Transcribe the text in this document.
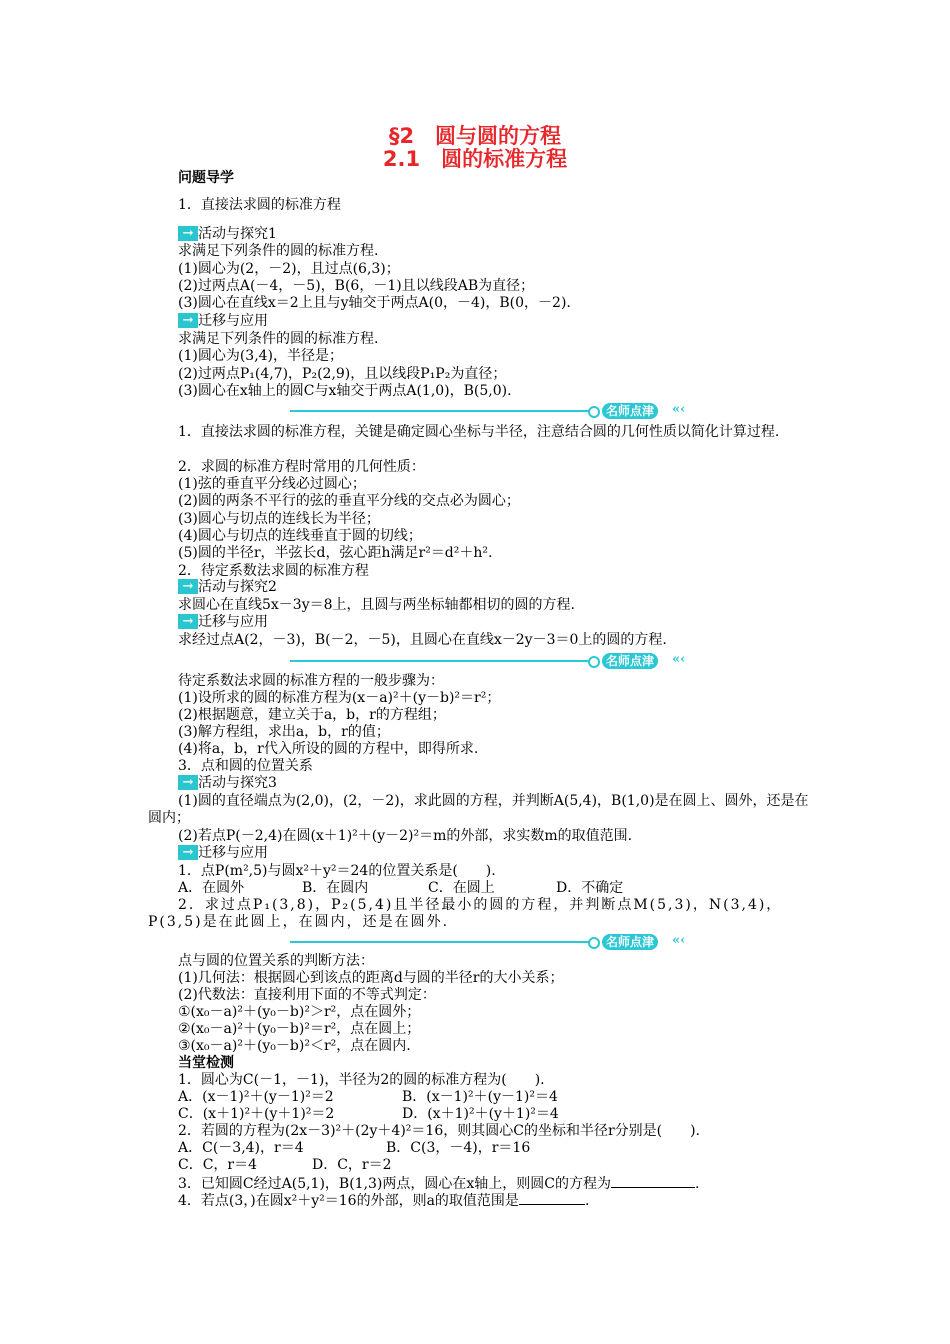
§2　圆与圆的方程
2.1　圆的标准方程
问题导学
1．直接法求圆的标准方程
→ 活动与探究1
求满足下列条件的圆的标准方程.
(1)圆心为(2，－2)，且过点(6,3)；
(2)过两点A(－4，－5)，B(6，－1)且以线段AB为直径；
(3)圆心在直线x＝2上且与y轴交于两点A(0，－4)，B(0，－2).
→ 迁移与应用
求满足下列条件的圆的标准方程.
(1)圆心为(3,4)，半径是；
(2)过两点P₁(4,7)，P₂(2,9)，且以线段P₁P₂为直径；
(3)圆心在x轴上的圆C与x轴交于两点A(1,0)，B(5,0).
名师点津	«‹
1．直接法求圆的标准方程，关键是确定圆心坐标与半径，注意结合圆的几何性质以简化计算过程.
2．求圆的标准方程时常用的几何性质：
(1)弦的垂直平分线必过圆心；
(2)圆的两条不平行的弦的垂直平分线的交点必为圆心；
(3)圆心与切点的连线长为半径；
(4)圆心与切点的连线垂直于圆的切线；
(5)圆的半径r，半弦长d，弦心距h满足r²＝d²＋h².
2．待定系数法求圆的标准方程
→ 活动与探究2
求圆心在直线5x－3y＝8上，且圆与两坐标轴都相切的圆的方程.
→ 迁移与应用
求经过点A(2，－3)，B(－2，－5)，且圆心在直线x－2y－3＝0上的圆的方程.
名师点津	«‹
待定系数法求圆的标准方程的一般步骤为：
(1)设所求的圆的标准方程为(x－a)²＋(y－b)²＝r²；
(2)根据题意，建立关于a，b，r的方程组；
(3)解方程组，求出a，b，r的值；
(4)将a，b，r代入所设的圆的方程中，即得所求.
3．点和圆的位置关系
→ 活动与探究3
(1)圆的直径端点为(2,0)，(2，－2)，求此圆的方程，并判断A(5,4)，B(1,0)是在圆上、圆外，还是在圆内；
(2)若点P(－2,4)在圆(x＋1)²＋(y－2)²＝m的外部，求实数m的取值范围.
→ 迁移与应用
1．点P(m²,5)与圆x²＋y²＝24的位置关系是(　　).
A．在圆外	B．在圆内	C．在圆上	D．不确定
2．求过点P₁(3,8)，P₂(5,4)且半径最小的圆的方程，并判断点M(5,3)，N(3,4)，P(3,5)是在此圆上，在圆内，还是在圆外.
名师点津	«‹
点与圆的位置关系的判断方法：
(1)几何法：根据圆心到该点的距离d与圆的半径r的大小关系；
(2)代数法：直接利用下面的不等式判定：
①(x₀－a)²＋(y₀－b)²＞r²，点在圆外；
②(x₀－a)²＋(y₀－b)²＝r²，点在圆上；
③(x₀－a)²＋(y₀－b)²＜r²，点在圆内.
当堂检测
1．圆心为C(－1，－1)，半径为2的圆的标准方程为(　　).
A．(x－1)²＋(y－1)²＝2	B．(x－1)²＋(y－1)²＝4
C．(x＋1)²＋(y＋1)²＝2	D．(x＋1)²＋(y＋1)²＝4
2．若圆的方程为(2x－3)²＋(2y＋4)²＝16，则其圆心C的坐标和半径r分别是(　　).
A．C(－3,4)，r＝4	B．C(3，－4)，r＝16
C．C，r＝4	D．C，r＝2
3．已知圆C经过A(5,1)，B(1,3)两点，圆心在x轴上，则圆C的方程为	.
4．若点(3，)在圆x²＋y²＝16的外部，则a的取值范围是	.
